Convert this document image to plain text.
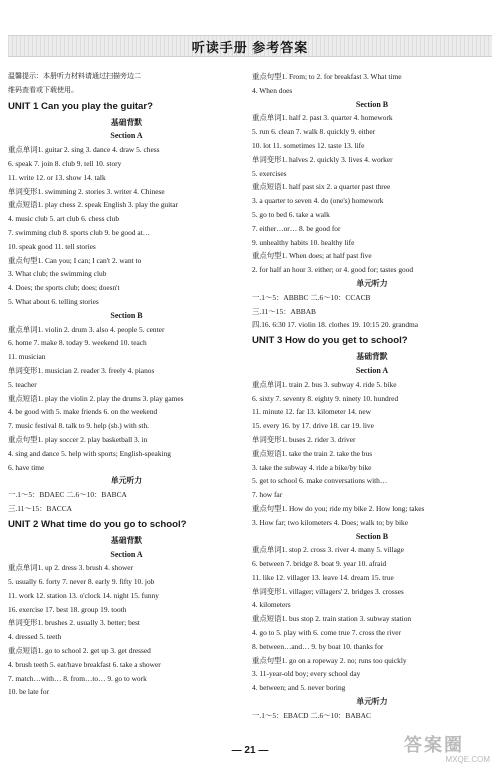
听读手册 参考答案
温馨提示：本册听力材料请通过扫描旁边二
维码查看或下载使用。
U​NIT 1 Can you play the guitar?
基础背默
Section A
重点单词1. guitar 2. sing 3. dance 4. draw 5. chess
6. speak 7. join 8. club 9. tell 10. story
11. write 12. or 13. show 14. talk
单词变形1. swimming 2. stories 3. writer 4. Chinese
重点短语1. play chess 2. speak English 3. play the guitar
4. music club 5. art club 6. chess club
7. swimming club 8. sports club 9. be good at…
10. speak good 11. tell stories
重点句型1. Can you; I can; I can't 2. want to
3. What club; the swimming club
4. Does; the sports club; does; doesn't
5. What about 6. telling stories
Section B
重点单词1. violin 2. drum 3. also 4. people 5. center
6. home 7. make 8. today 9. weekend 10. teach
11. musician
单词变形1. musician 2. reader 3. freely 4. pianos
5. teacher
重点短语1. play the violin 2. play the drums 3. play games
4. be good with 5. make friends 6. on the weekend
7. music festival 8. talk to 9. help (sb.) with sth.
重点句型1. play soccer 2. play basketball 3. in
4. sing and dance 5. help with sports; English-speaking
6. have time
单元听力
一.1～5：BDAEC 二.6～10：BABCA
三.11～15：BACCA
U​NIT 2 What time do you go to school?
基础背默
Section A
重点单词1. up 2. dress 3. brush 4. shower
5. usually 6. forty 7. never 8. early 9. fifty 10. job
11. work 12. station 13. o'clock 14. night 15. funny
16. exercise 17. best 18. group 19. tooth
单词变形1. brushes 2. usually 3. better; best
4. dressed 5. teeth
重点短语1. go to school 2. get up 3. get dressed
4. brush teeth 5. eat/have breakfast 6. take a shower
7. match…with… 8. from…to… 9. go to work
10. be late for
重点句型1. From; to 2. for breakfast 3. What time
4. When does
Section B
重点单词1. half 2. past 3. quarter 4. homework
5. run 6. clean 7. walk 8. quickly 9. either
10. lot 11. sometimes 12. taste 13. life
单词变形1. halves 2. quickly 3. lives 4. worker
5. exercises
重点短语1. half past six 2. a quarter past three
3. a quarter to seven 4. do (one's) homework
5. go to bed 6. take a walk
7. either…or… 8. be good for
9. unhealthy habits 10. healthy life
重点句型1. When does; at half past five
2. for half an hour 3. either; or 4. good for; tastes good
单元听力
一.1～5：ABBBC 二.6～10：CCACB
三.11～15：ABBAB
四.16. 6:30 17. violin 18. clothes 19. 10:15 20. grandma
U​NIT 3 How do you get to school?
基础背默
Section A
重点单词1. train 2. bus 3. subway 4. ride 5. bike
6. sixty 7. seventy 8. eighty 9. ninety 10. hundred
11. minute 12. far 13. kilometer 14. new
15. every 16. by 17. drive 18. car 19. live
单词变形1. buses 2. rider 3. driver
重点短语1. take the train 2. take the bus
3. take the subway 4. ride a bike/by bike
5. get to school 6. make conversations with…
7. how far
重点句型1. How do you; ride my bike 2. How long; takes
3. How far; two kilometers 4. Does; walk to; by bike
Section B
重点单词1. stop 2. cross 3. river 4. many 5. village
6. between 7. bridge 8. boat 9. year 10. afraid
11. like 12. villager 13. leave 14. dream 15. true
单词变形1. villager; villagers' 2. bridges 3. crosses
4. kilometers
重点短语1. bus stop 2. train station 3. subway station
4. go to 5. play with 6. come true 7. cross the river
8. between…and… 9. by boat 10. thanks for
重点句型1. go on a ropeway 2. no; runs too quickly
3. 11-year-old boy; every school day
4. between; and 5. never boring
单元听力
一.1～5：EBACD 二.6～10：BABAC
— 21 —	答案圈
MXQE.COM
